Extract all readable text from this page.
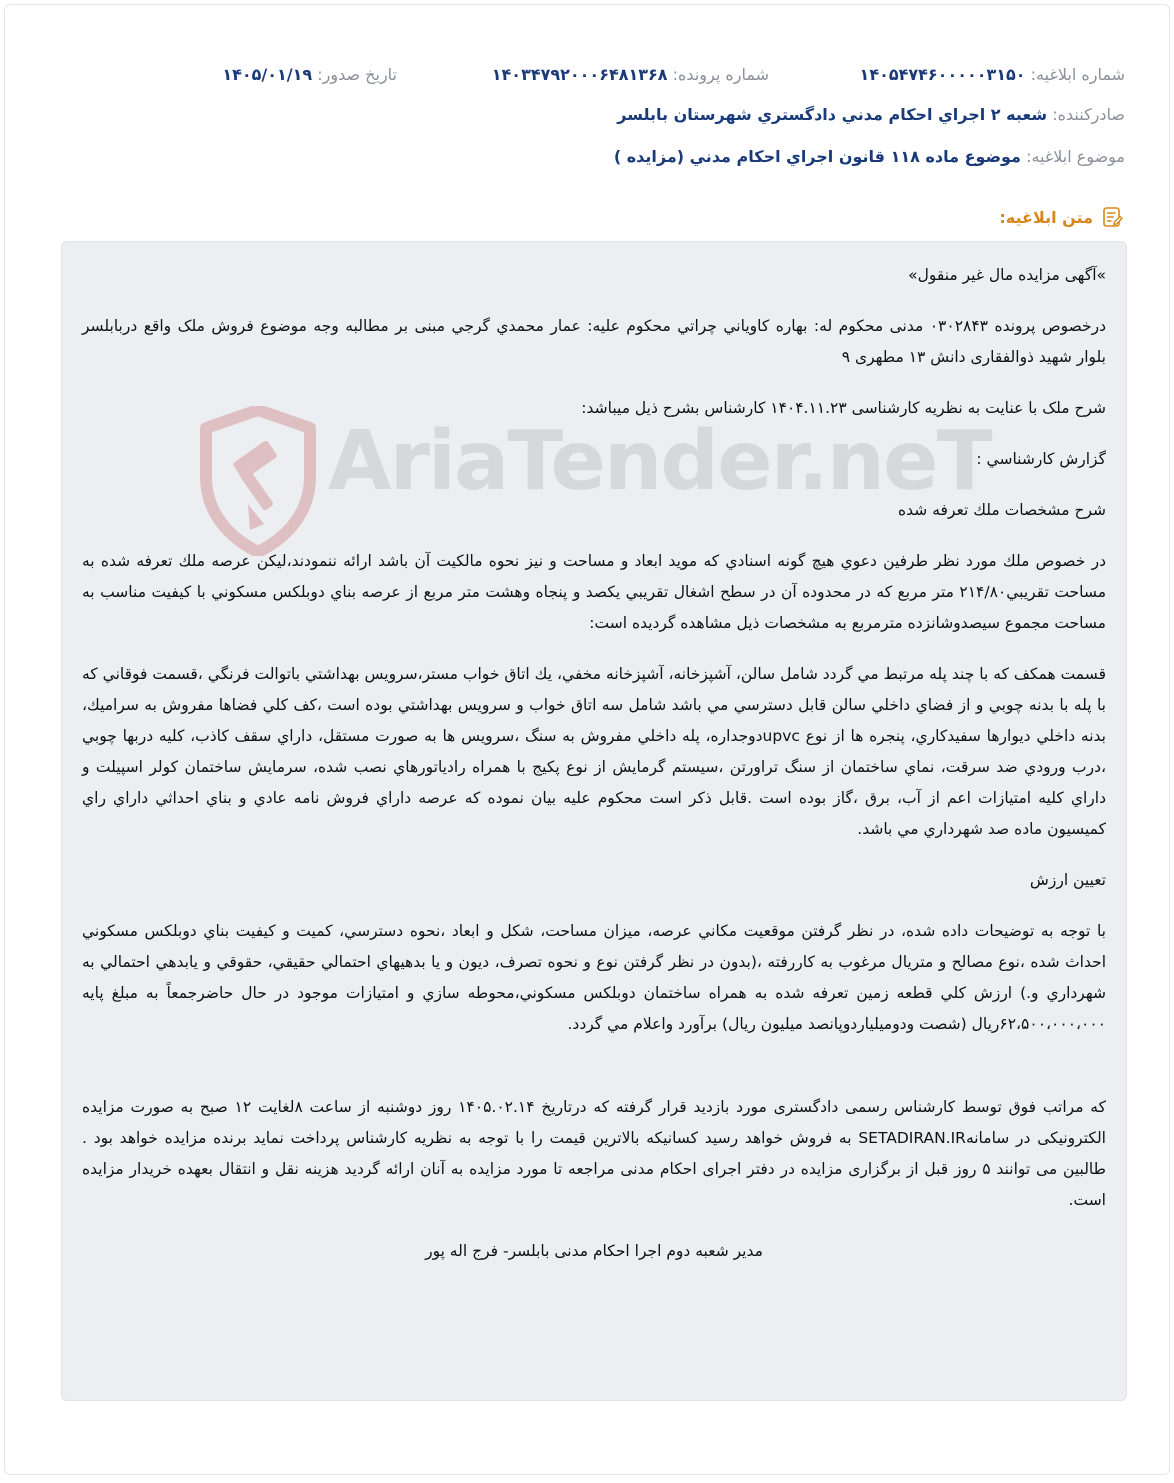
شماره ابلاغیه: ۱۴۰۵۴۷۴۶۰۰۰۰۰۳۱۵۰
شماره پرونده: ۱۴۰۳۴۷۹۲۰۰۰۶۴۸۱۳۶۸
تاریخ صدور: ۱۴۰۵/۰۱/۱۹
صادرکننده: شعبه ۲ اجراي احکام مدني دادگستري شهرستان بابلسر
موضوع ابلاغیه: موضوع ماده ۱۱۸ قانون اجراي احکام مدني (مزايده )
متن ابلاغیه:
AriaTender.neT

»آگهی مزایده مال غیر منقول»

درخصوص پرونده ۰۳۰۲۸۴۳ مدنی محکوم له: بهاره کاوياني چراتي محکوم عليه: عمار محمدي گرجي مبنی بر مطالبه وجه موضوع فروش ملک واقع دربابلسر بلوار شهيد ذوالفقاری دانش ۱۳ مطهری ۹

شرح ملک با عنایت به نظریه کارشناسی ۱۴۰۴.۱۱.۲۳ کارشناس بشرح ذیل میباشد:

گزارش کارشناسي :

شرح مشخصات ملك تعرفه شده

در خصوص ملك مورد نظر طرفين دعوي هيچ گونه اسنادي كه مويد ابعاد و مساحت و نيز نحوه مالكيت آن باشد ارائه ننمودند،ليكن عرصه ملك تعرفه شده به مساحت تقريبي۲۱۴/۸۰ متر مربع كه در محدوده آن در سطح اشغال تقريبي يكصد و پنجاه وهشت متر مربع از عرصه بناي دوبلكس مسكوني با كيفيت مناسب به مساحت مجموع سيصدوشانزده مترمربع به مشخصات ذيل مشاهده گرديده است:

قسمت همكف كه با چند پله مرتبط مي گردد شامل سالن، آشپزخانه، آشپزخانه مخفي، يك اتاق خواب مستر،سرويس بهداشتي باتوالت فرنگي ،قسمت فوقاني كه با پله با بدنه چوبي و از فضاي داخلي سالن قابل دسترسي مي باشد شامل سه اتاق خواب و سرويس بهداشتي بوده است ،كف كلي فضاها مفروش به سراميك، بدنه داخلي ديوارها سفيدكاري، پنجره ها از نوع upvcدوجداره، پله داخلي مفروش به سنگ ،سرويس ها به صورت مستقل، داراي سقف كاذب، كليه دربها چوبي ،درب ورودي ضد سرقت، نماي ساختمان از سنگ تراورتن ،سيستم گرمايش از نوع پكيج با همراه رادياتورهاي نصب شده، سرمايش ساختمان كولر اسپيلت و داراي كليه امتيازات اعم از آب، برق ،گاز بوده است .قابل ذكر است محكوم عليه بيان نموده كه عرصه داراي فروش نامه عادي و بناي احداثي داراي راي كميسيون ماده صد شهرداري مي باشد.

تعيين ارزش

با توجه به توضيحات داده شده، در نظر گرفتن موقعيت مكاني عرصه، ميزان مساحت، شكل و ابعاد ،نحوه دسترسي، كميت و كيفيت بناي دوبلكس مسكوني احداث شده ،نوع مصالح و متريال مرغوب به كاررفته ،(بدون در نظر گرفتن نوع و نحوه تصرف، ديون و يا بدهيهاي احتمالي حقيقي، حقوقي و يابدهي احتمالي به شهرداري و.) ارزش كلي قطعه زمين تعرفه شده به همراه ساختمان دوبلكس مسكوني،محوطه سازي و امتيازات موجود در حال حاضرجمعاً به مبلغ پايه ۶۲،۵۰۰،۰۰۰،۰۰۰ريال (شصت ودوميلياردوپانصد ميليون ريال) برآورد واعلام مي گردد.

که مراتب فوق توسط کارشناس رسمی دادگستری مورد بازدید قرار گرفته که درتاریخ ۱۴۰۵.۰۲.۱۴ روز دوشنبه از ساعت ۸لغایت ۱۲ صبح به صورت مزایده الکترونیکی در سامانهSETADIRAN.IR به فروش خواهد رسید کسانیکه بالاترین قیمت را با توجه به نظریه کارشناس پرداخت نماید برنده مزایده خواهد بود . طالبین می توانند ۵ روز قبل از برگزاری مزایده در دفتر اجرای احکام مدنی مراجعه تا مورد مزایده به آنان ارائه گردید هزینه نقل و انتقال بعهده خریدار مزایده است.

مدیر شعبه دوم اجرا احکام مدنی بابلسر- فرج اله پور
